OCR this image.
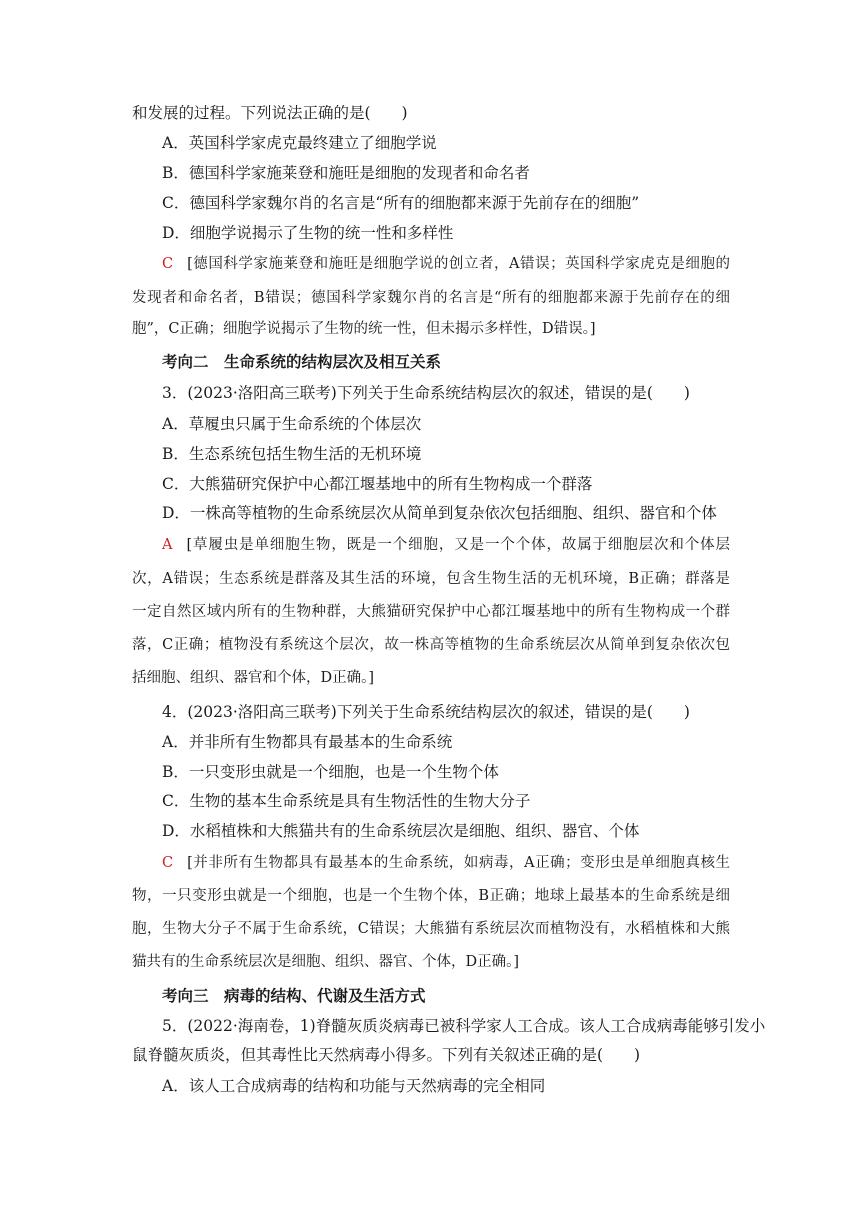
和发展的过程。下列说法正确的是(　　)
A．英国科学家虎克最终建立了细胞学说
B．德国科学家施莱登和施旺是细胞的发现者和命名者
C．德国科学家魏尔肖的名言是“所有的细胞都来源于先前存在的细胞”
D．细胞学说揭示了生物的统一性和多样性
C [德国科学家施莱登和施旺是细胞学说的创立者，A错误；英国科学家虎克是细胞的
发现者和命名者，B错误；德国科学家魏尔肖的名言是“所有的细胞都来源于先前存在的细
胞”，C正确；细胞学说揭示了生物的统一性，但未揭示多样性，D错误。]
考向二　生命系统的结构层次及相互关系
3．(2023·洛阳高三联考)下列关于生命系统结构层次的叙述，错误的是(　　)
A．草履虫只属于生命系统的个体层次
B．生态系统包括生物生活的无机环境
C．大熊猫研究保护中心都江堰基地中的所有生物构成一个群落
D．一株高等植物的生命系统层次从简单到复杂依次包括细胞、组织、器官和个体
A [草履虫是单细胞生物，既是一个细胞，又是一个个体，故属于细胞层次和个体层
次，A错误；生态系统是群落及其生活的环境，包含生物生活的无机环境，B正确；群落是
一定自然区域内所有的生物种群，大熊猫研究保护中心都江堰基地中的所有生物构成一个群
落，C正确；植物没有系统这个层次，故一株高等植物的生命系统层次从简单到复杂依次包
括细胞、组织、器官和个体，D正确。]
4．(2023·洛阳高三联考)下列关于生命系统结构层次的叙述，错误的是(　　)
A．并非所有生物都具有最基本的生命系统
B．一只变形虫就是一个细胞，也是一个生物个体
C．生物的基本生命系统是具有生物活性的生物大分子
D．水稻植株和大熊猫共有的生命系统层次是细胞、组织、器官、个体
C [并非所有生物都具有最基本的生命系统，如病毒，A正确；变形虫是单细胞真核生
物，一只变形虫就是一个细胞，也是一个生物个体，B正确；地球上最基本的生命系统是细
胞，生物大分子不属于生命系统，C错误；大熊猫有系统层次而植物没有，水稻植株和大熊
猫共有的生命系统层次是细胞、组织、器官、个体，D正确。]
考向三　病毒的结构、代谢及生活方式
5．(2022·海南卷，1)脊髓灰质炎病毒已被科学家人工合成。该人工合成病毒能够引发小
鼠脊髓灰质炎，但其毒性比天然病毒小得多。下列有关叙述正确的是(　　)
A．该人工合成病毒的结构和功能与天然病毒的完全相同
